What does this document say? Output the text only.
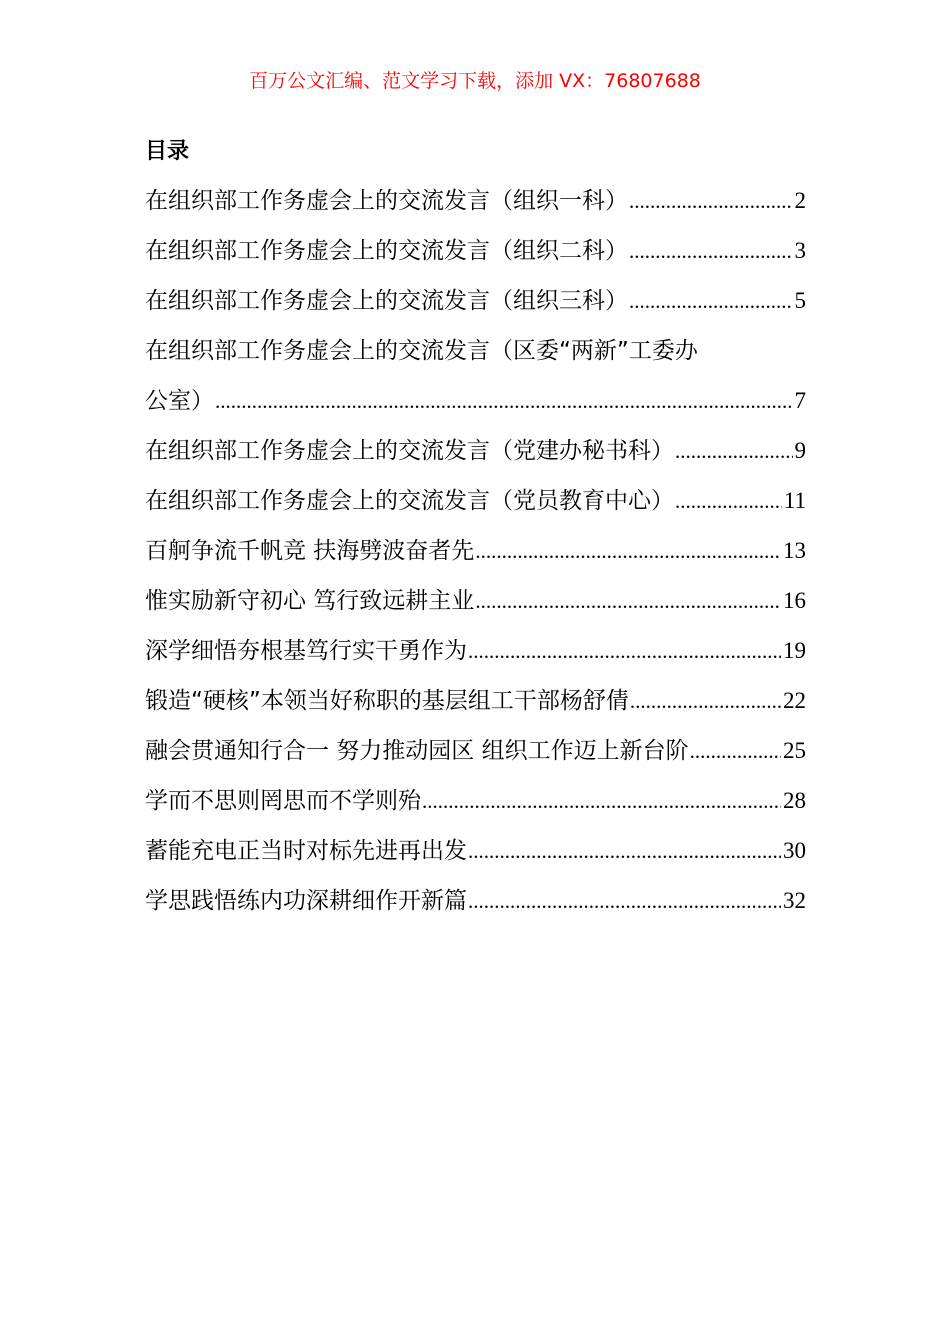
百万公文汇编、范文学习下载，添加 VX：76807688
目录
在组织部工作务虚会上的交流发言（组织一科） .....	2
在组织部工作务虚会上的交流发言（组织二科） .....	3
在组织部工作务虚会上的交流发言（组织三科） .....	5
在组织部工作务虚会上的交流发言（区委“两新”工委办
公室） .....	7
在组织部工作务虚会上的交流发言（党建办秘书科） .....	9
在组织部工作务虚会上的交流发言（党员教育中心） .....	11
百舸争流千帆竞 扶海劈波奋者先 .....	13
惟实励新守初心 笃行致远耕主业 .....	16
深学细悟夯根基笃行实干勇作为 .....	19
锻造“硬核”本领当好称职的基层组工干部杨舒倩 .....	22
融会贯通知行合一 努力推动园区 组织工作迈上新台阶 .....	25
学而不思则罔思而不学则殆 .....	28
蓄能充电正当时对标先进再出发 .....	30
学思践悟练内功深耕细作开新篇 .....	32
